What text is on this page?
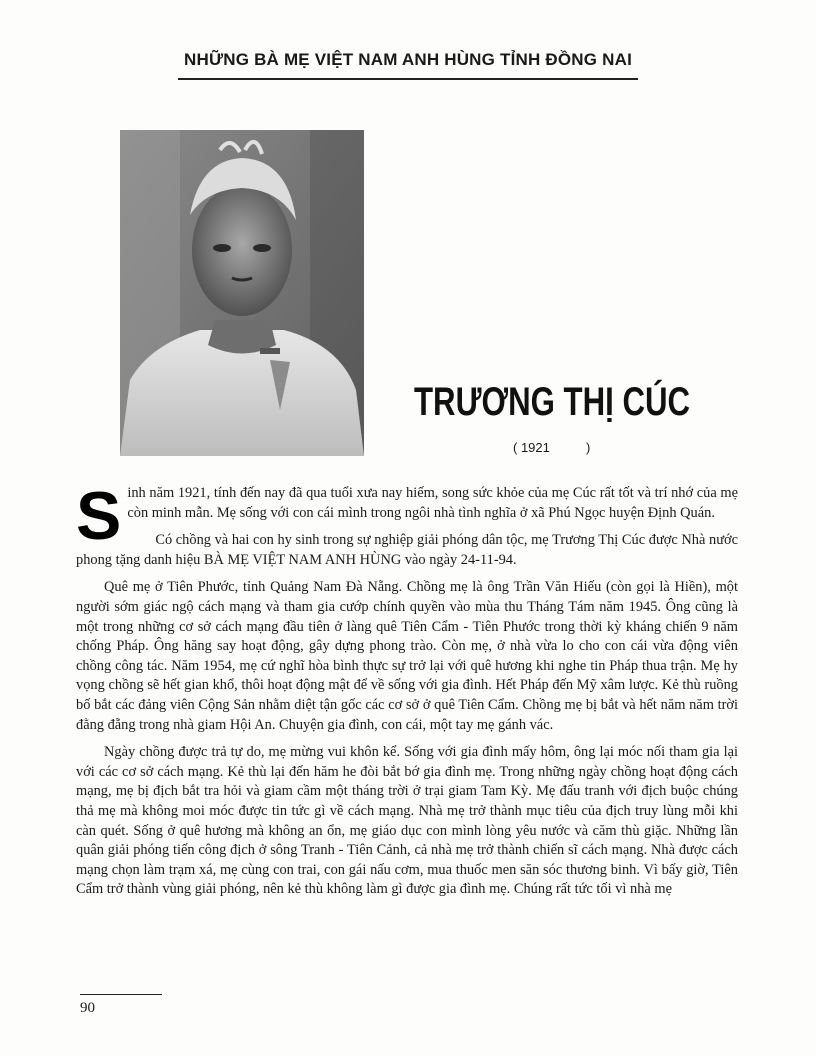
NHỮNG BÀ MẸ VIỆT NAM ANH HÙNG TỈNH ĐỒNG NAI
TRƯƠNG THỊ CÚC
( 1921          )

Sinh năm 1921, tính đến nay đã qua tuổi xưa nay hiếm, song sức khỏe của mẹ Cúc rất tốt và trí nhớ của mẹ còn minh mẫn. Mẹ sống với con cái mình trong ngôi nhà tình nghĩa ở xã Phú Ngọc huyện Định Quán.

Có chồng và hai con hy sinh trong sự nghiệp giải phóng dân tộc, mẹ Trương Thị Cúc được Nhà nước phong tặng danh hiệu BÀ MẸ VIỆT NAM ANH HÙNG vào ngày 24-11-94.

Quê mẹ ở Tiên Phước, tỉnh Quảng Nam Đà Nẵng. Chồng mẹ là ông Trần Văn Hiếu (còn gọi là Hiền), một người sớm giác ngộ cách mạng và tham gia cướp chính quyền vào mùa thu Tháng Tám năm 1945. Ông cũng là một trong những cơ sở cách mạng đầu tiên ở làng quê Tiên Cẩm - Tiên Phước trong thời kỳ kháng chiến 9 năm chống Pháp. Ông hăng say hoạt động, gây dựng phong trào. Còn mẹ, ở nhà vừa lo cho con cái vừa động viên chồng công tác. Năm 1954, mẹ cứ nghĩ hòa bình thực sự trở lại với quê hương khi nghe tin Pháp thua trận. Mẹ hy vọng chồng sẽ hết gian khổ, thôi hoạt động mật để về sống với gia đình. Hết Pháp đến Mỹ xâm lược. Kẻ thù ruồng bố bắt các đảng viên Cộng Sản nhằm diệt tận gốc các cơ sở ở quê Tiên Cẩm. Chồng mẹ bị bắt và hết năm năm trời đằng đẵng trong nhà giam Hội An. Chuyện gia đình, con cái, một tay mẹ gánh vác.

Ngày chồng được trả tự do, mẹ mừng vui khôn kể. Sống với gia đình mấy hôm, ông lại móc nối tham gia lại với các cơ sở cách mạng. Kẻ thù lại đến hăm he đòi bắt bớ gia đình mẹ. Trong những ngày chồng hoạt động cách mạng, mẹ bị địch bắt tra hỏi và giam cầm một tháng trời ở trại giam Tam Kỳ. Mẹ đấu tranh với địch buộc chúng thả mẹ mà không moi móc được tin tức gì về cách mạng. Nhà mẹ trở thành mục tiêu của địch truy lùng mỗi khi càn quét. Sống ở quê hương mà không an ổn, mẹ giáo dục con mình lòng yêu nước và căm thù giặc. Những lần quân giải phóng tiến công địch ở sông Tranh - Tiên Cảnh, cả nhà mẹ trở thành chiến sĩ cách mạng. Nhà được cách mạng chọn làm trạm xá, mẹ cùng con trai, con gái nấu cơm, mua thuốc men săn sóc thương binh. Vì bấy giờ, Tiên Cẩm trở thành vùng giải phóng, nên kẻ thù không làm gì được gia đình mẹ. Chúng rất tức tối vì nhà mẹ

90
